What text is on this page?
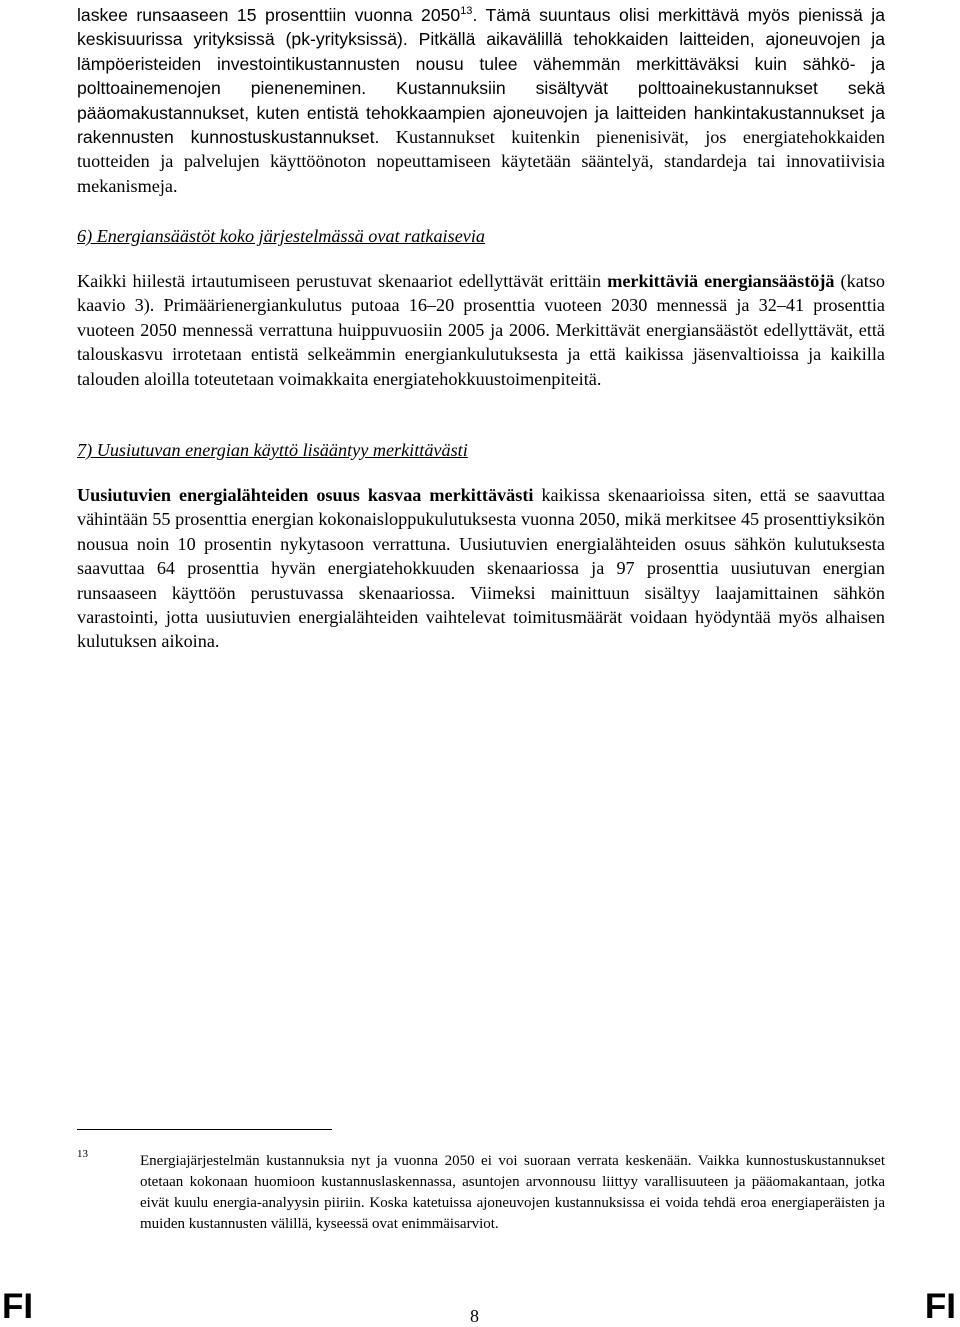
laskee runsaaseen 15 prosenttiin vuonna 2050$^{13}$. Tämä suuntaus olisi merkittävä myös pienissä ja keskisuurissa yrityksissä (pk-yrityksissä). Pitkällä aikavälillä tehokkaiden laitteiden, ajoneuvojen ja lämpöeristeiden investointikustannusten nousu tulee vähemmän merkittäväksi kuin sähkö- ja polttoainemenojen pieneneminen. Kustannuksiin sisältyvät polttoainekustannukset sekä pääomakustannukset, kuten entistä tehokkaampien ajoneuvojen ja laitteiden hankintakustannukset ja rakennusten kunnostuskustannukset. Kustannukset kuitenkin pienenisivät, jos energiatehokkaiden tuotteiden ja palvelujen käyttöönoton nopeuttamiseen käytetään sääntelyä, standardeja tai innovatiivisia mekanismeja.

6) Energiansäästöt koko järjestelmässä ovat ratkaisevia

Kaikki hiilestä irtautumiseen perustuvat skenaariot edellyttävät erittäin merkittäviä energiansäästöjä (katso kaavio 3). Primäärienergiankulutus putoaa 16–20 prosenttia vuoteen 2030 mennessä ja 32–41 prosenttia vuoteen 2050 mennessä verrattuna huippuvuosiin 2005 ja 2006. Merkittävät energiansäästöt edellyttävät, että talouskasvu irrotetaan entistä selkeämmin energiankulutuksesta ja että kaikissa jäsenvaltioissa ja kaikilla talouden aloilla toteutetaan voimakkaita energiatehokkuustoimenpiteitä.

7) Uusiutuvan energian käyttö lisääntyy merkittävästi

Uusiutuvien energialähteiden osuus kasvaa merkittävästi kaikissa skenaarioissa siten, että se saavuttaa vähintään 55 prosenttia energian kokonaisloppukulutuksesta vuonna 2050, mikä merkitsee 45 prosenttiyksikön nousua noin 10 prosentin nykytasoon verrattuna. Uusiutuvien energialähteiden osuus sähkön kulutuksesta saavuttaa 64 prosenttia hyvän energiatehokkuuden skenaariossa ja 97 prosenttia uusiutuvan energian runsaaseen käyttöön perustuvassa skenaariossa. Viimeksi mainittuun sisältyy laajamittainen sähkön varastointi, jotta uusiutuvien energialähteiden vaihtelevat toimitusmäärät voidaan hyödyntää myös alhaisen kulutuksen aikoina.

13	Energiajärjestelmän kustannuksia nyt ja vuonna 2050 ei voi suoraan verrata keskenään. Vaikka kunnostuskustannukset otetaan kokonaan huomioon kustannuslaskennassa, asuntojen arvonnousu liittyy varallisuuteen ja pääomakantaan, jotka eivät kuulu energia-analyysin piiriin. Koska katetuissa ajoneuvojen kustannuksissa ei voida tehdä eroa energiaperäisten ja muiden kustannusten välillä, kyseessä ovat enimmäisarviot.

FI	8	FI
